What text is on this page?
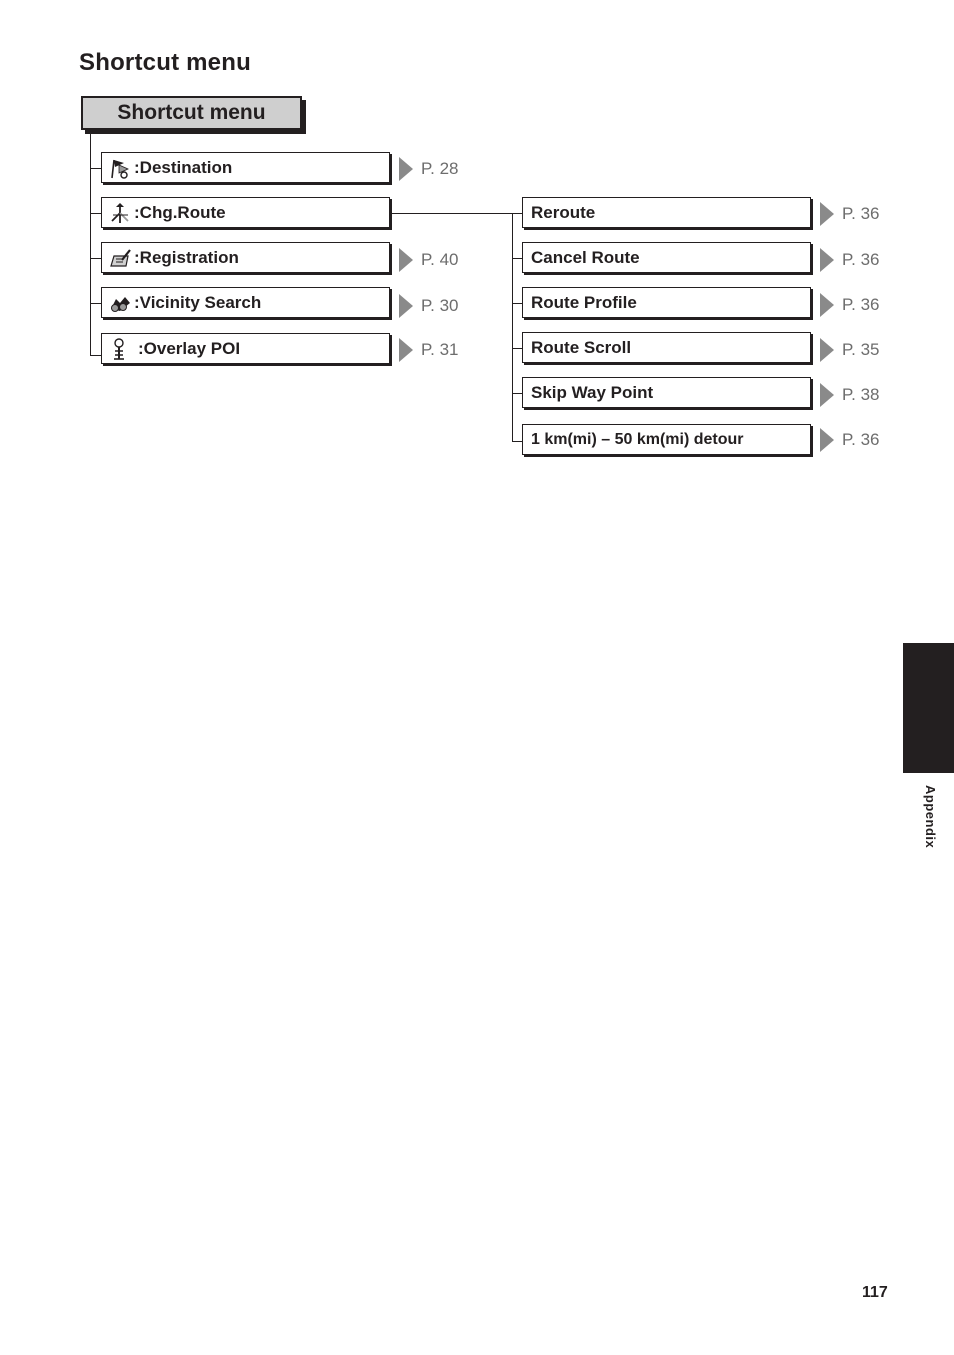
Shortcut menu
Shortcut menu
:Destination
:Chg.Route
:Registration
:Vicinity Search
:Overlay POI
P. 28
P. 40
P. 30
P. 31
Reroute
Cancel Route
Route Profile
Route Scroll
Skip Way Point
1 km(mi) – 50 km(mi) detour
P. 36
P. 36
P. 36
P. 35
P. 38
P. 36
Appendix
117
